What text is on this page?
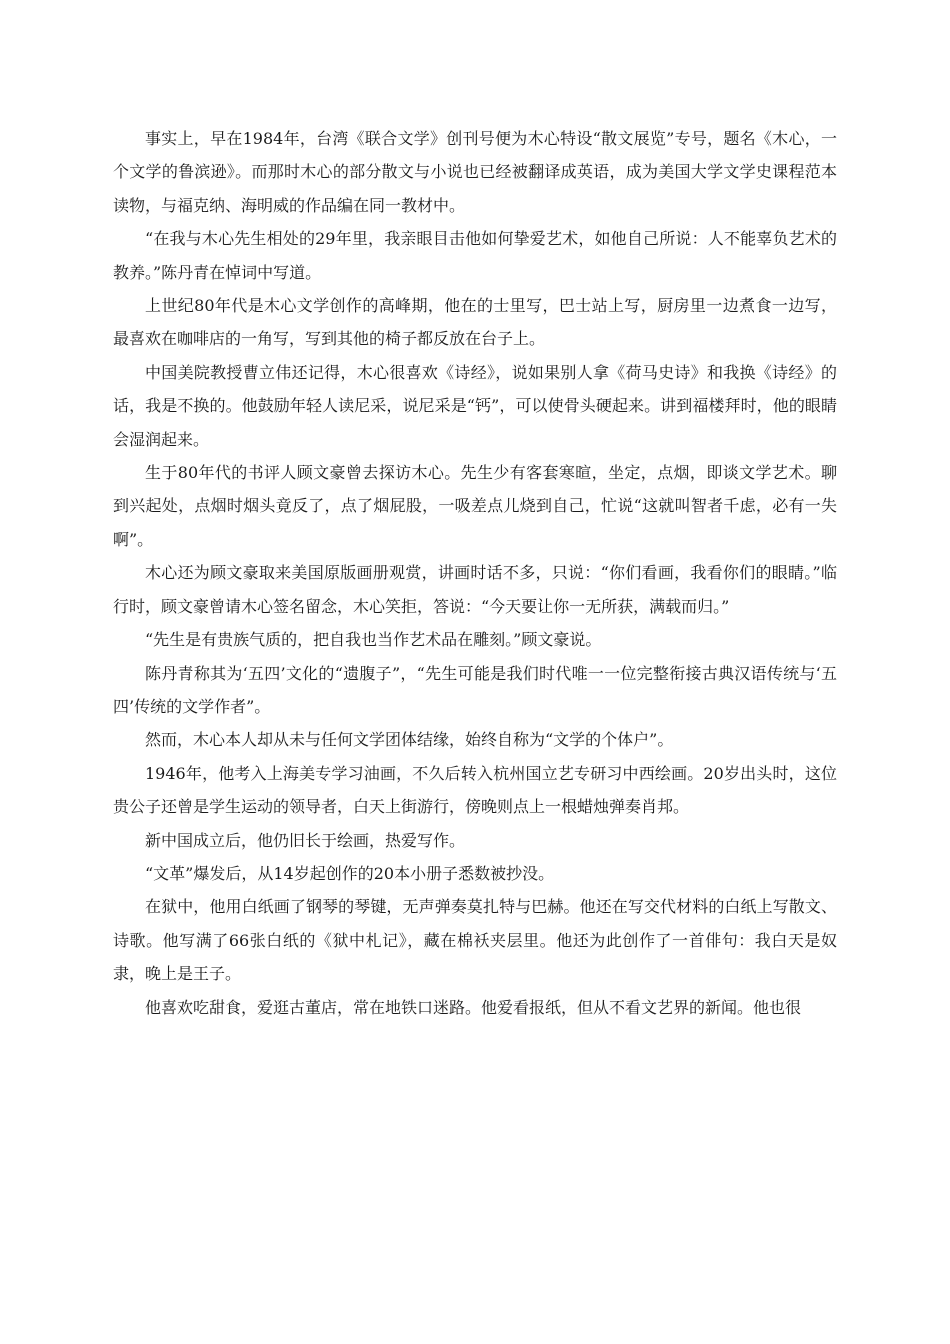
事实上，早在1984年，台湾《联合文学》创刊号便为木心特设“散文展览”专号，题名《木心，一个文学的鲁滨逊》。而那时木心的部分散文与小说也已经被翻译成英语，成为美国大学文学史课程范本读物，与福克纳、海明威的作品编在同一教材中。

“在我与木心先生相处的29年里，我亲眼目击他如何挚爱艺术，如他自己所说：人不能辜负艺术的教养。”陈丹青在悼词中写道。

上世纪80年代是木心文学创作的高峰期，他在的士里写，巴士站上写，厨房里一边煮食一边写，最喜欢在咖啡店的一角写，写到其他的椅子都反放在台子上。

中国美院教授曹立伟还记得，木心很喜欢《诗经》，说如果别人拿《荷马史诗》和我换《诗经》的话，我是不换的。他鼓励年轻人读尼采，说尼采是“钙”，可以使骨头硬起来。讲到福楼拜时，他的眼睛会湿润起来。

生于80年代的书评人顾文豪曾去探访木心。先生少有客套寒暄，坐定，点烟，即谈文学艺术。聊到兴起处，点烟时烟头竟反了，点了烟屁股，一吸差点儿烧到自己，忙说“这就叫智者千虑，必有一失啊”。

木心还为顾文豪取来美国原版画册观赏，讲画时话不多，只说：“你们看画，我看你们的眼睛。”临行时，顾文豪曾请木心签名留念，木心笑拒，答说：“今天要让你一无所获，满载而归。”

“先生是有贵族气质的，把自我也当作艺术品在雕刻。”顾文豪说。

陈丹青称其为‘五四’文化的“遗腹子”，“先生可能是我们时代唯一一位完整衔接古典汉语传统与‘五四’传统的文学作者”。

然而，木心本人却从未与任何文学团体结缘，始终自称为“文学的个体户”。

1946年，他考入上海美专学习油画，不久后转入杭州国立艺专研习中西绘画。20岁出头时，这位贵公子还曾是学生运动的领导者，白天上街游行，傍晚则点上一根蜡烛弹奏肖邦。

新中国成立后，他仍旧长于绘画，热爱写作。

“文革”爆发后，从14岁起创作的20本小册子悉数被抄没。

在狱中，他用白纸画了钢琴的琴键，无声弹奏莫扎特与巴赫。他还在写交代材料的白纸上写散文、诗歌。他写满了66张白纸的《狱中札记》，藏在棉袄夹层里。他还为此创作了一首俳句：我白天是奴隶，晚上是王子。

他喜欢吃甜食，爱逛古董店，常在地铁口迷路。他爱看报纸，但从不看文艺界的新闻。他也很
